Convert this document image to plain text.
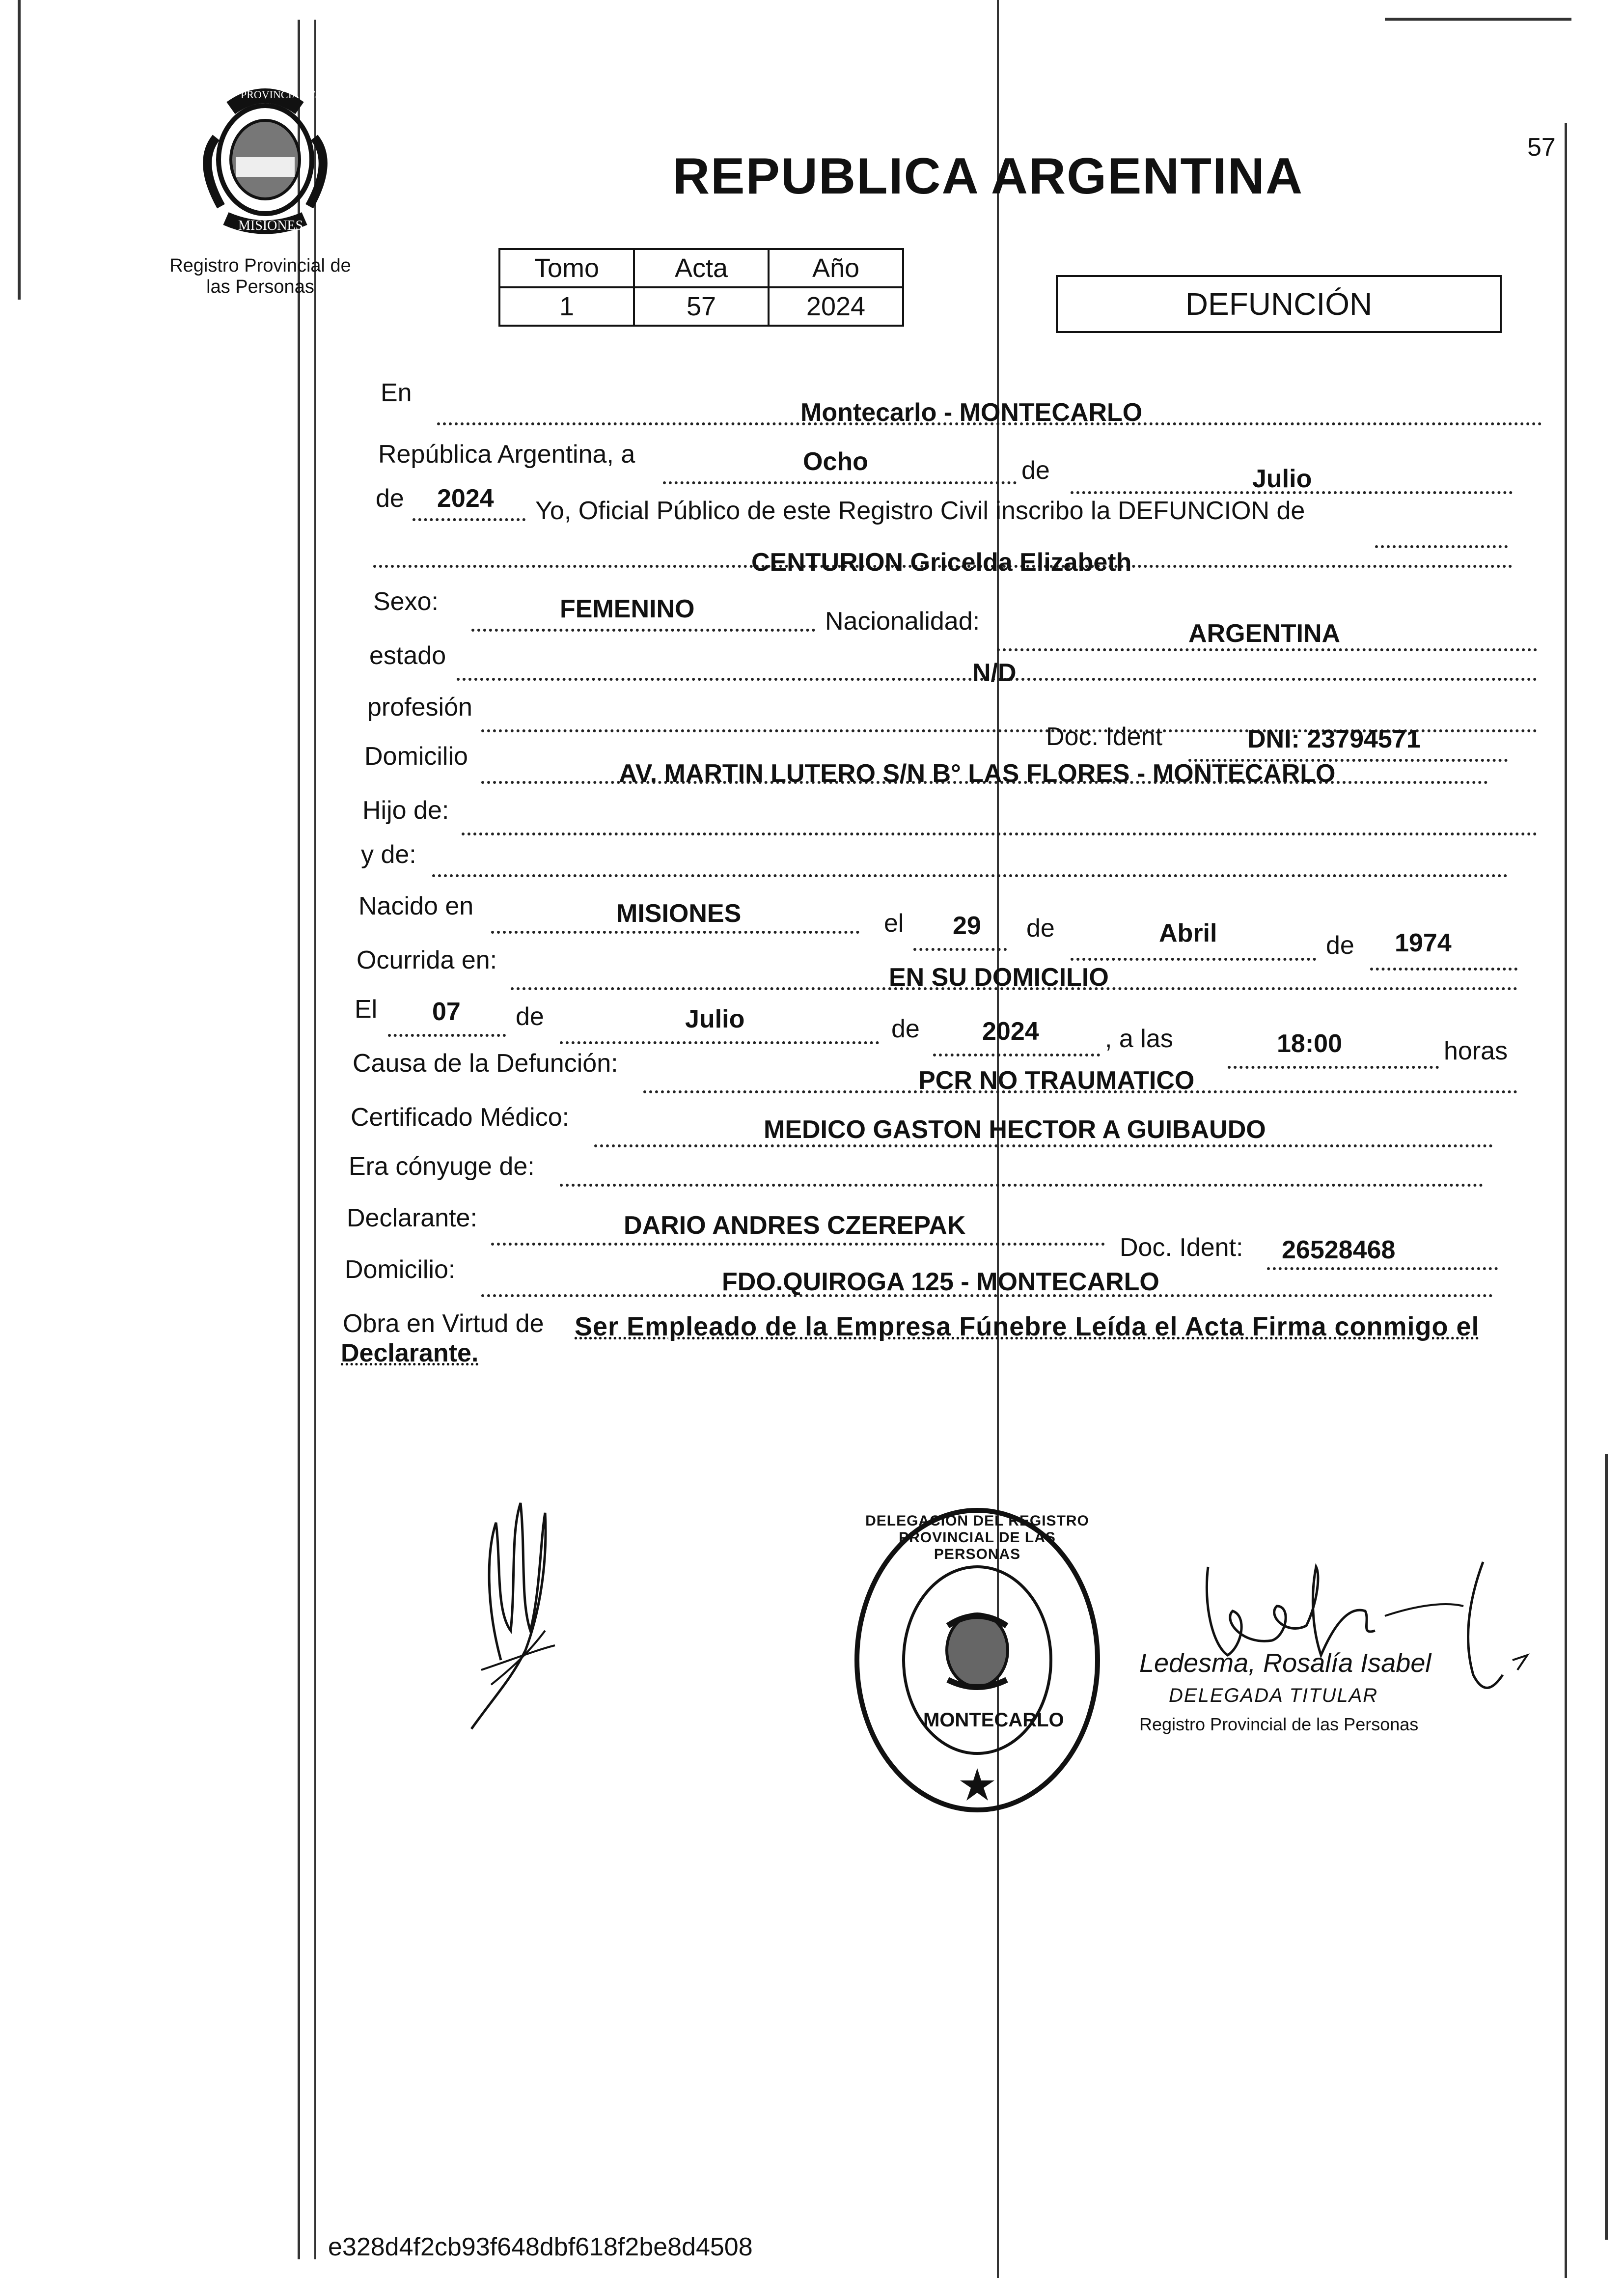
PROVINCIA DE
MISIONES
Registro Provincial de las Personas
REPUBLICA ARGENTINA
57
Tomo	Acta	Año
1	57	2024	DEFUNCIÓN
En
Montecarlo - MONTECARLO
República Argentina, a	Ocho	de	Julio
de 2024 Yo, Oficial Público de este Registro Civil inscribo la DEFUNCION de
CENTURION Gricelda Elizabeth
Sexo:	FEMENINO	Nacionalidad:	ARGENTINA
estado
N/D
profesión
Doc. Ident	DNI: 23794571
Domicilio
AV. MARTIN LUTERO S/N B° LAS FLORES - MONTECARLO
Hijo de:
y de:
Nacido en	MISIONES	el 29 de	Abril	de 1974
Ocurrida en:
EN SU DOMICILIO
El 07 de	Julio	de 2024	, a las	18:00	horas
Causa de la Defunción:
PCR NO TRAUMATICO
Certificado Médico:	MEDICO GASTON HECTOR A GUIBAUDO
Era cónyuge de:
Declarante:	DARIO ANDRES CZEREPAK
Doc. Ident: 26528468
Domicilio:	FDO.QUIROGA 125 - MONTECARLO
Obra en Virtud de Ser Empleado de la Empresa Fúnebre Leída el Acta Firma conmigo el
Declarante.
DELEGACION DEL REGISTRO PROVINCIAL DE LAS PERSONAS
MONTECARLO
Ledesma, Rosalía Isabel
DELEGADA TITULAR
Registro Provincial de las Personas
e328d4f2cb93f648dbf618f2be8d4508
